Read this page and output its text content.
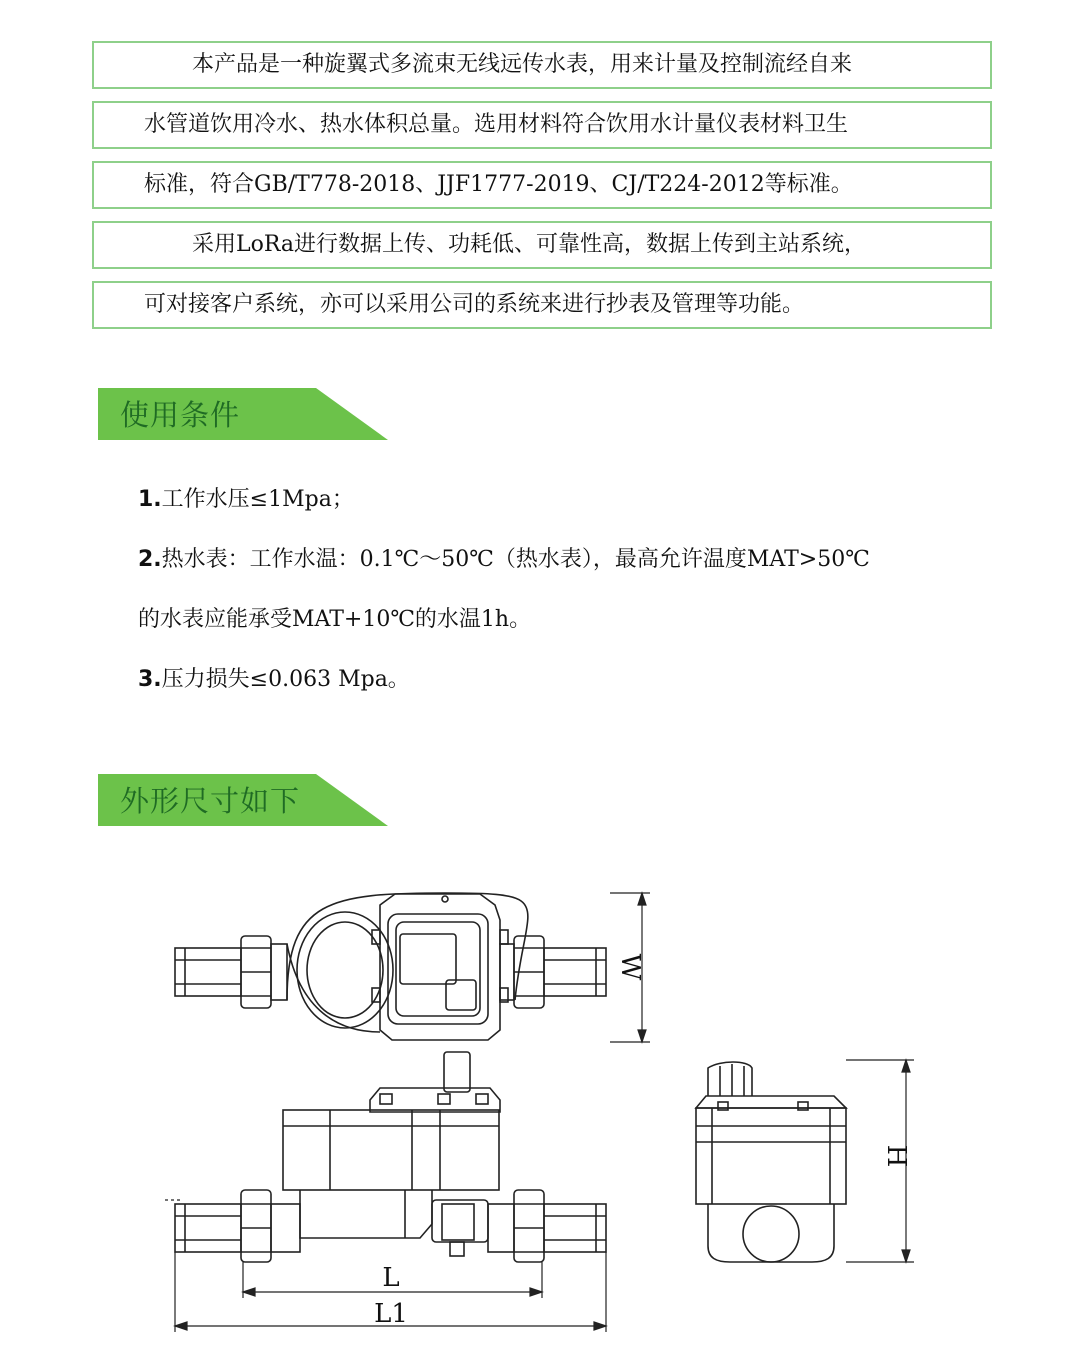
本产品是一种旋翼式多流束无线远传水表，用来计量及控制流经自来
水管道饮用冷水、热水体积总量。选用材料符合饮用水计量仪表材料卫生
标准，符合GB/T778-2018、JJF1777-2019、CJ/T224-2012等标准。
采用LoRa进行数据上传、功耗低、可靠性高，数据上传到主站系统，
可对接客户系统，亦可以采用公司的系统来进行抄表及管理等功能。
使用条件
1.工作水压≤1Mpa；
2.热水表：工作水温：0.1℃～50℃（热水表），最高允许温度MAT>50℃
的水表应能承受MAT+10℃的水温1h。
3.压力损失≤0.063 Mpa。
外形尺寸如下
W
H
L
L1
